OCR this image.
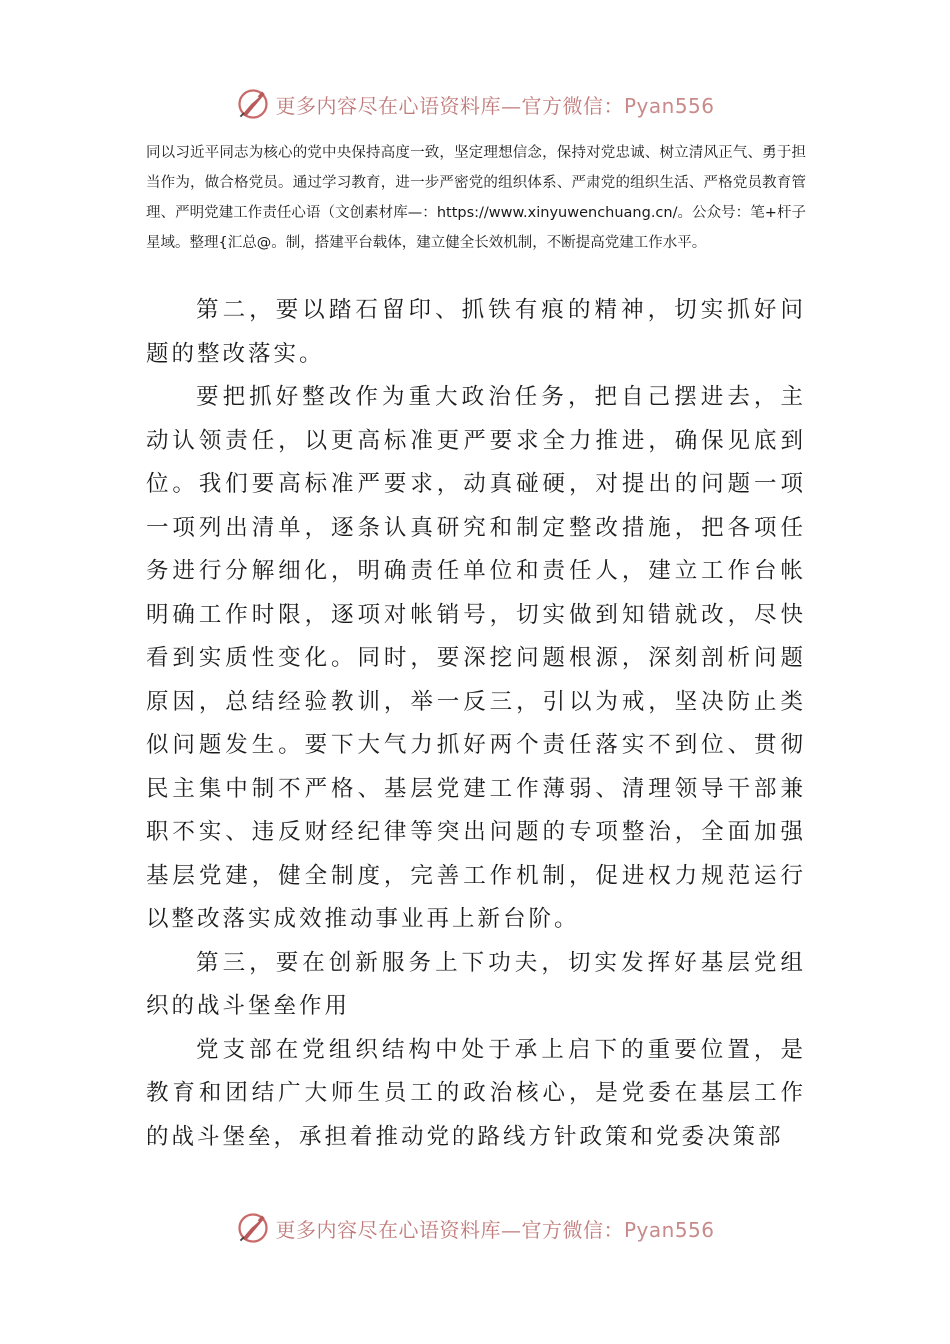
更多内容尽在心语资料库—官方微信：Pyan556
同以习近平同志为核心的党中央保持高度一致，坚定理想信念，保持对党忠诚、树立清风正气、勇于担当作为，做合格党员。通过学习教育，进一步严密党的组织体系、严肃党的组织生活、严格党员教育管理、严明党建工作责任心语（文创素材库—：https://www.xinyuwenchuang.cn/。公众号：笔+杆子星域。整理{汇总@。制，搭建平台载体，建立健全长效机制，不断提高党建工作水平。

第二，要以踏石留印、抓铁有痕的精神，切实抓好问题的整改落实。

要把抓好整改作为重大政治任务，把自己摆进去，主动认领责任，以更高标准更严要求全力推进，确保见底到位。我们要高标准严要求，动真碰硬，对提出的问题一项一项列出清单，逐条认真研究和制定整改措施，把各项任务进行分解细化，明确责任单位和责任人，建立工作台帐明确工作时限，逐项对帐销号，切实做到知错就改，尽快看到实质性变化。同时，要深挖问题根源，深刻剖析问题原因，总结经验教训，举一反三，引以为戒，坚决防止类似问题发生。要下大气力抓好两个责任落实不到位、贯彻民主集中制不严格、基层党建工作薄弱、清理领导干部兼职不实、违反财经纪律等突出问题的专项整治，全面加强基层党建，健全制度，完善工作机制，促进权力规范运行以整改落实成效推动事业再上新台阶。

第三，要在创新服务上下功夫，切实发挥好基层党组织的战斗堡垒作用

党支部在党组织结构中处于承上启下的重要位置，是教育和团结广大师生员工的政治核心，是党委在基层工作的战斗堡垒，承担着推动党的路线方针政策和党委决策部

更多内容尽在心语资料库—官方微信：Pyan556
